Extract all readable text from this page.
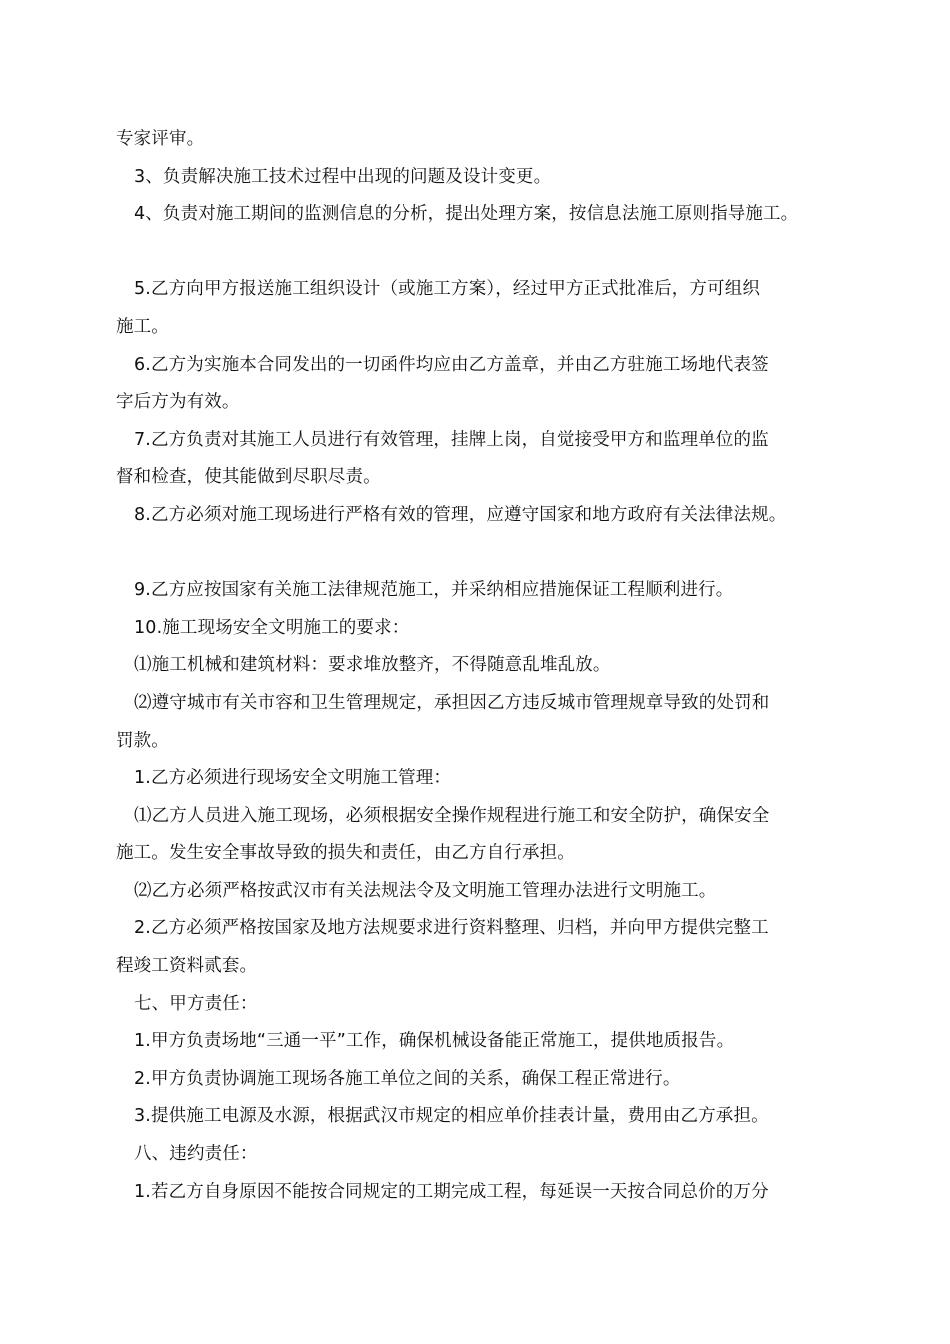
专家评审。
3、负责解决施工技术过程中出现的问题及设计变更。
4、负责对施工期间的监测信息的分析，提出处理方案，按信息法施工原则指导施工。
5.乙方向甲方报送施工组织设计（或施工方案），经过甲方正式批准后，方可组织
施工。
6.乙方为实施本合同发出的一切函件均应由乙方盖章，并由乙方驻施工场地代表签
字后方为有效。
7.乙方负责对其施工人员进行有效管理，挂牌上岗，自觉接受甲方和监理单位的监
督和检查，使其能做到尽职尽责。
8.乙方必须对施工现场进行严格有效的管理，应遵守国家和地方政府有关法律法规。
9.乙方应按国家有关施工法律规范施工，并采纳相应措施保证工程顺利进行。
10.施工现场安全文明施工的要求：
⑴施工机械和建筑材料：要求堆放整齐，不得随意乱堆乱放。
⑵遵守城市有关市容和卫生管理规定，承担因乙方违反城市管理规章导致的处罚和
罚款。
1.乙方必须进行现场安全文明施工管理：
⑴乙方人员进入施工现场，必须根据安全操作规程进行施工和安全防护，确保安全
施工。发生安全事故导致的损失和责任，由乙方自行承担。
⑵乙方必须严格按武汉市有关法规法令及文明施工管理办法进行文明施工。
2.乙方必须严格按国家及地方法规要求进行资料整理、归档，并向甲方提供完整工
程竣工资料贰套。
七、甲方责任：
1.甲方负责场地“三通一平”工作，确保机械设备能正常施工，提供地质报告。
2.甲方负责协调施工现场各施工单位之间的关系，确保工程正常进行。
3.提供施工电源及水源，根据武汉市规定的相应单价挂表计量，费用由乙方承担。
八、违约责任：
1.若乙方自身原因不能按合同规定的工期完成工程，每延误一天按合同总价的万分
